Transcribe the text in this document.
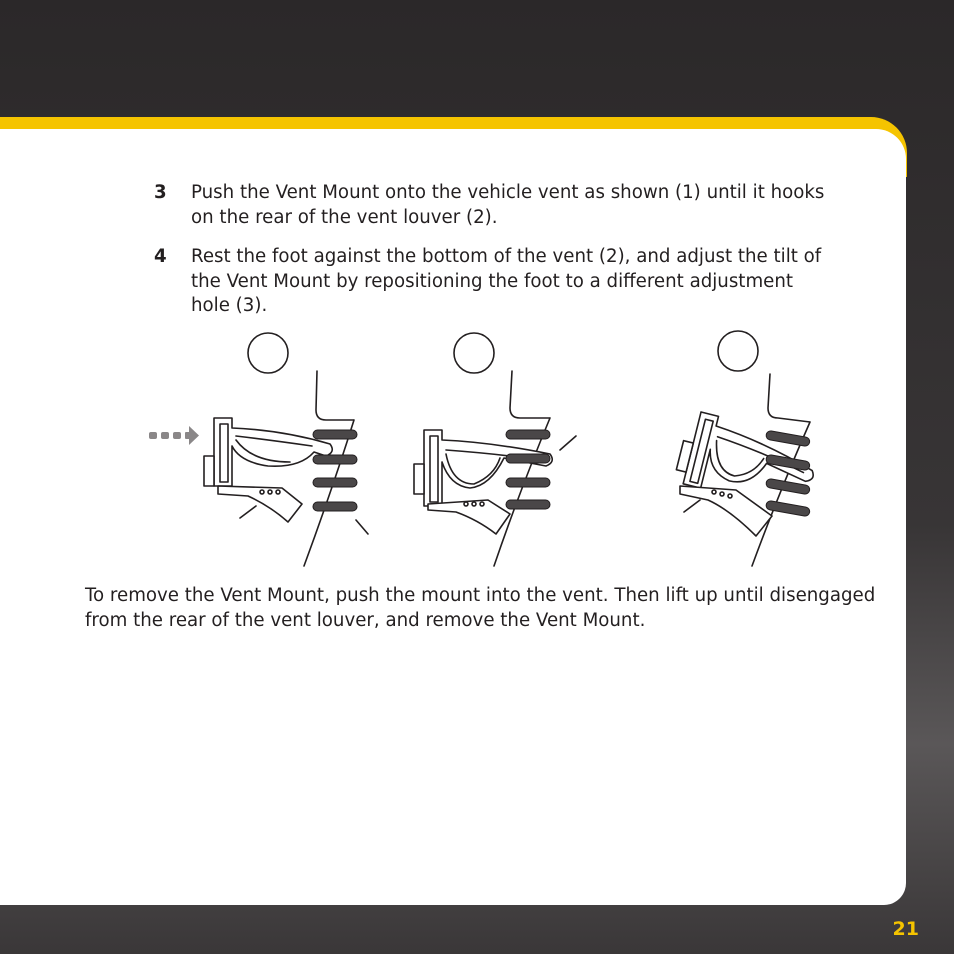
3 Push the Vent Mount onto the vehicle vent as shown (1) until it hooks on the rear of the vent louver (2).
4 Rest the foot against the bottom of the vent (2), and adjust the tilt of the Vent Mount by repositioning the foot to a different adjustment hole (3).
To remove the Vent Mount, push the mount into the vent. Then lift up until disengaged from the rear of the vent louver, and remove the Vent Mount.
21
